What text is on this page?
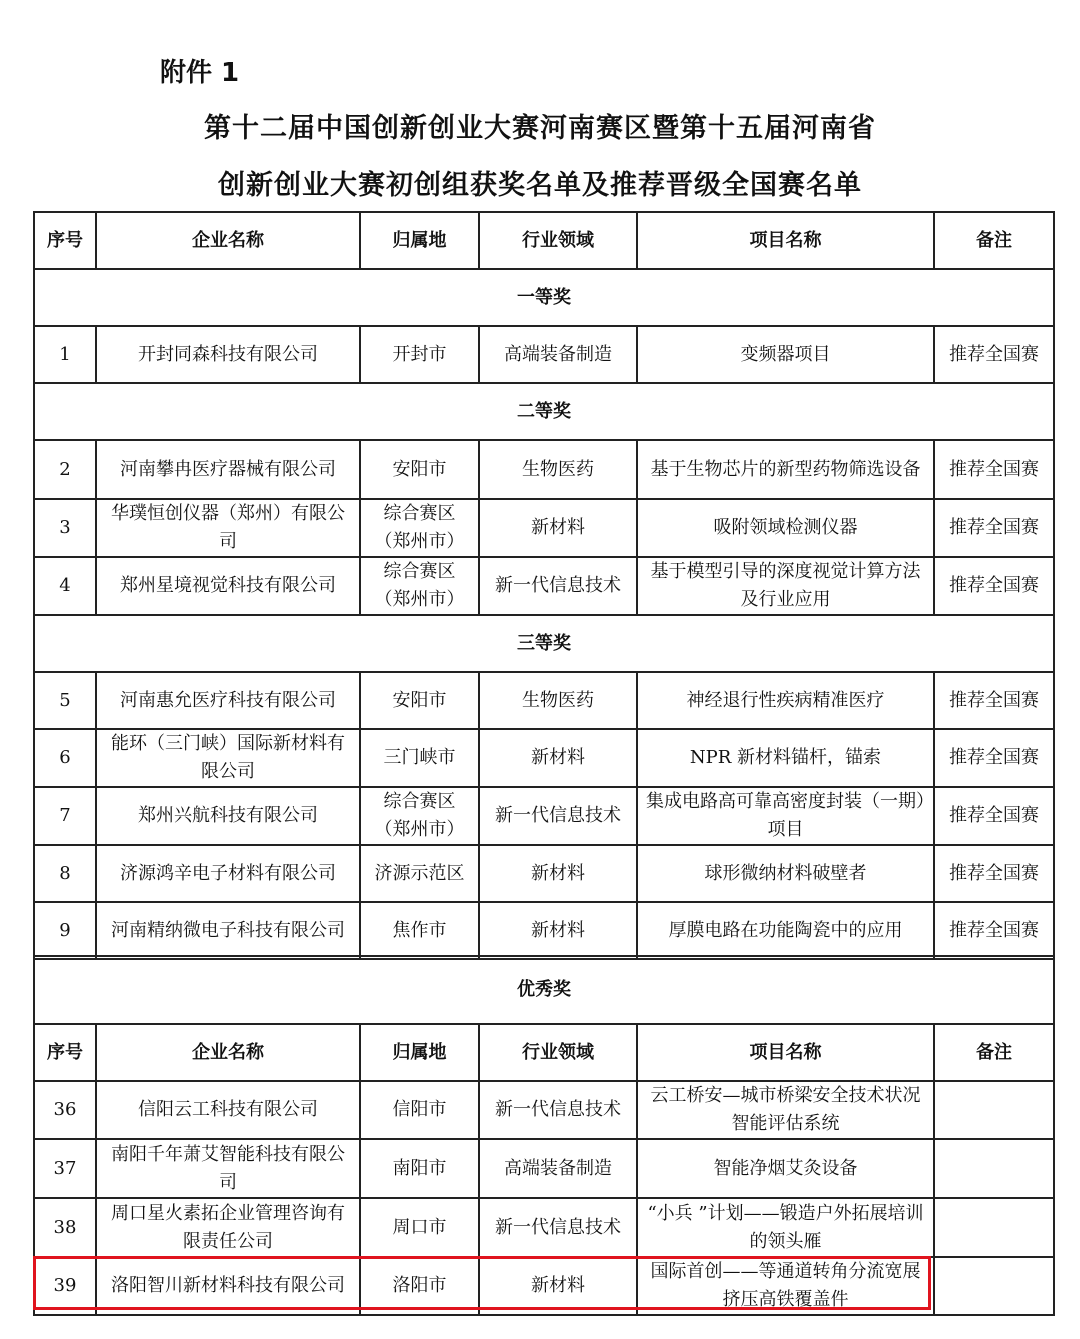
附件 1
第十二届中国创新创业大赛河南赛区暨第十五届河南省
创新创业大赛初创组获奖名单及推荐晋级全国赛名单
序号	企业名称	归属地	行业领域	项目名称	备注
一等奖					
1	开封同森科技有限公司	开封市	高端装备制造	变频器项目	推荐全国赛
二等奖					
2	河南攀冉医疗器械有限公司	安阳市	生物医药	基于生物芯片的新型药物筛选设备	推荐全国赛
3	华璞恒创仪器（郑州）有限公司	综合赛区（郑州市）	新材料	吸附领域检测仪器	推荐全国赛
4	郑州星境视觉科技有限公司	综合赛区（郑州市）	新一代信息技术	基于模型引导的深度视觉计算方法及行业应用	推荐全国赛
三等奖					
5	河南惠允医疗科技有限公司	安阳市	生物医药	神经退行性疾病精准医疗	推荐全国赛
6	能环（三门峡）国际新材料有限公司	三门峡市	新材料	NPR 新材料锚杆，锚索	推荐全国赛
7	郑州兴航科技有限公司	综合赛区（郑州市）	新一代信息技术	集成电路高可靠高密度封装（一期）项目	推荐全国赛
8	济源鸿辛电子材料有限公司	济源示范区	新材料	球形微纳材料破壁者	推荐全国赛
9	河南精纳微电子科技有限公司	焦作市	新材料	厚膜电路在功能陶瓷中的应用	推荐全国赛
优秀奖					
序号	企业名称	归属地	行业领域	项目名称	备注
36	信阳云工科技有限公司	信阳市	新一代信息技术	云工桥安—城市桥梁安全技术状况智能评估系统	
37	南阳千年萧艾智能科技有限公司	南阳市	高端装备制造	智能净烟艾灸设备	
38	周口星火素拓企业管理咨询有限责任公司	周口市	新一代信息技术	“小兵 ”计划——锻造户外拓展培训的领头雁	
39	洛阳智川新材料科技有限公司	洛阳市	新材料	国际首创——等通道转角分流宽展挤压高铁覆盖件	
